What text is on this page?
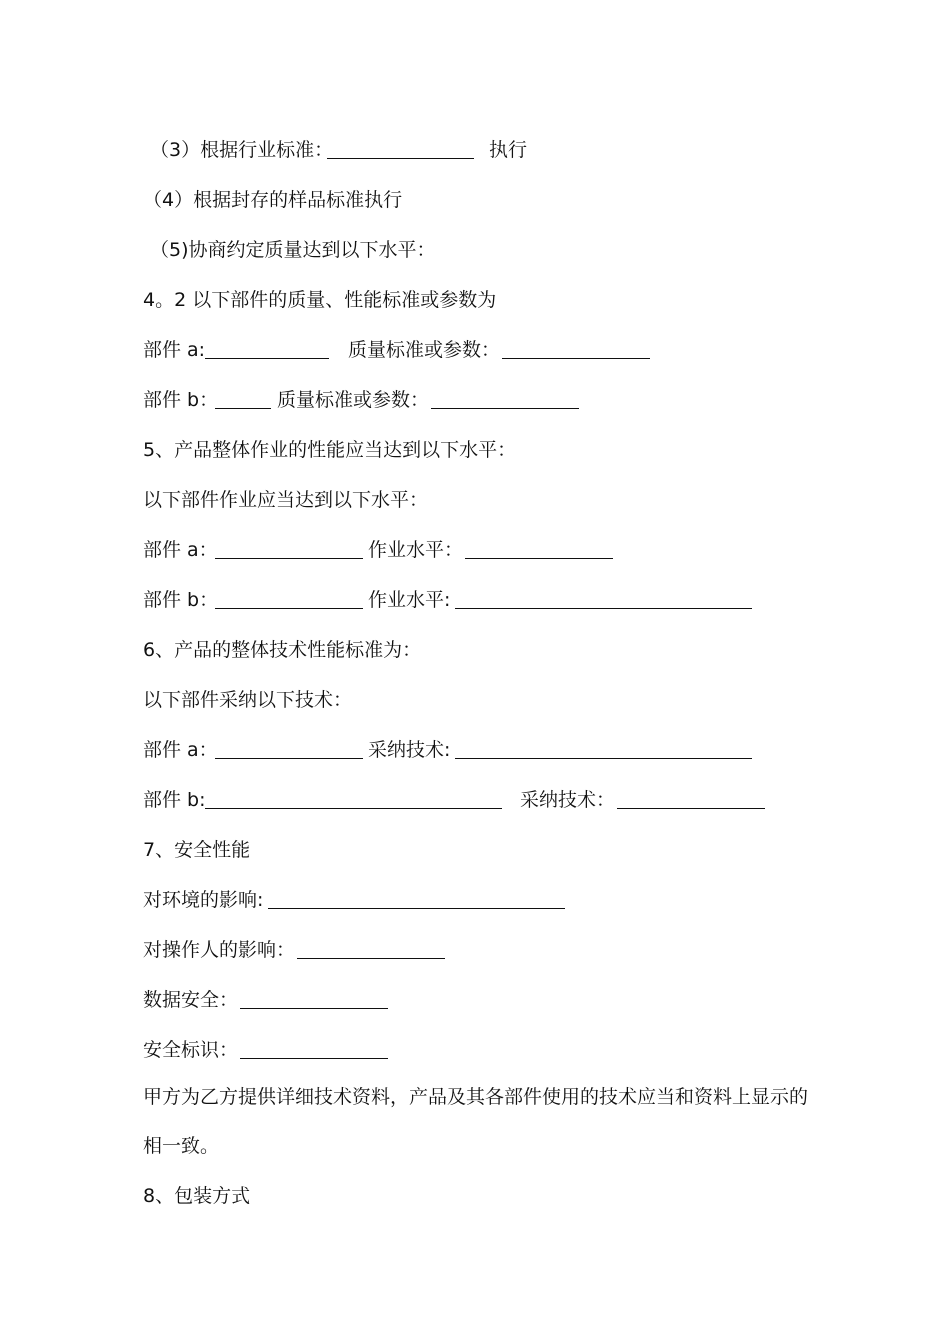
（3）根据行业标准：	执行
（4）根据封存的样品标准执行
（5)协商约定质量达到以下水平：
4。2 以下部件的质量、性能标准或参数为
部件 a:	质量标准或参数：
部件 b：	质量标准或参数：
5、产品整体作业的性能应当达到以下水平：
以下部件作业应当达到以下水平：
部件 a：	作业水平：
部件 b：	作业水平:
6、产品的整体技术性能标准为：
以下部件采纳以下技术：
部件 a：	采纳技术:
部件 b:	采纳技术：
7、安全性能
对环境的影响:
对操作人的影响：
数据安全：
安全标识：
甲方为乙方提供详细技术资料，产品及其各部件使用的技术应当和资料上显示的
相一致。
8、包装方式
